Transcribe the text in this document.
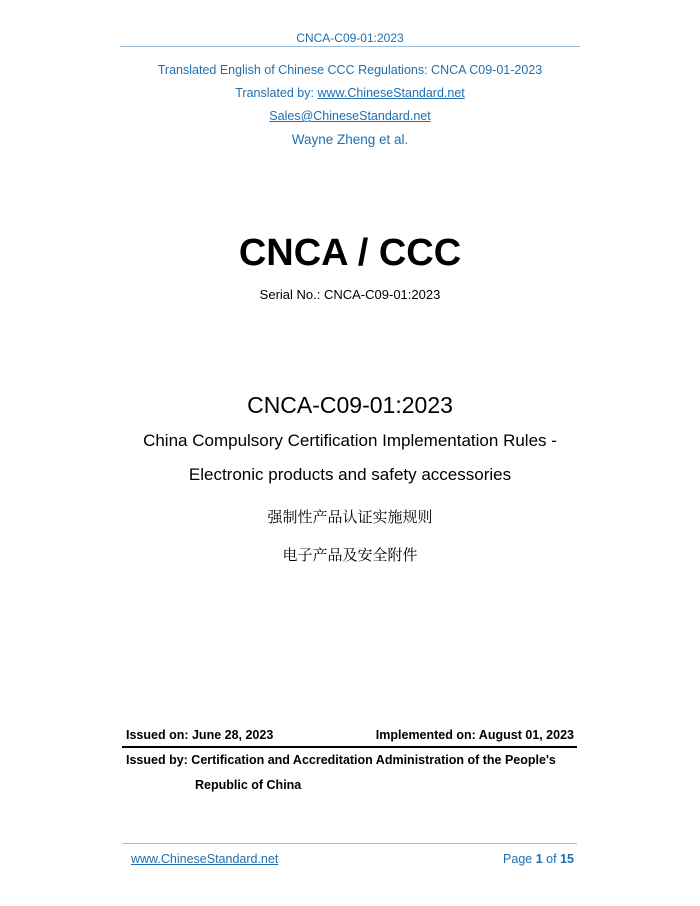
CNCA-C09-01:2023
Translated English of Chinese CCC Regulations: CNCA C09-01-2023
Translated by: www.ChineseStandard.net
Sales@ChineseStandard.net
Wayne Zheng et al.
CNCA / CCC
Serial No.: CNCA-C09-01:2023
CNCA-C09-01:2023
China Compulsory Certification Implementation Rules -
Electronic products and safety accessories
强制性产品认证实施规则
电子产品及安全附件
Issued on: June 28, 2023	Implemented on: August 01, 2023
Issued by: Certification and Accreditation Administration of the People's
Republic of China
www.ChineseStandard.net	Page 1 of 15
